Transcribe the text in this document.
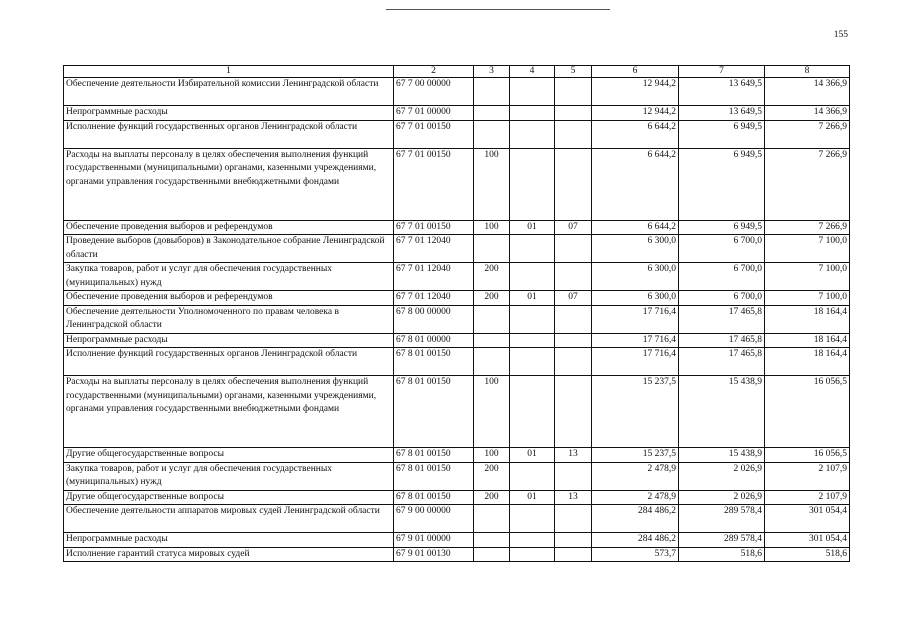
155
1	2	3	4	5	6	7	8
Обеспечение деятельности Избирательной комиссии Ленинградской области	67 7 00 00000				12 944,2	13 649,5	14 366,9
Непрограммные расходы	67 7 01 00000				12 944,2	13 649,5	14 366,9
Исполнение функций государственных органов Ленинградской области	67 7 01 00150				6 644,2	6 949,5	7 266,9
Расходы на выплаты персоналу в целях обеспечения выполнения функций государственными (муниципальными) органами, казенными учреждениями, органами управления государственными внебюджетными фондами	67 7 01 00150	100			6 644,2	6 949,5	7 266,9
Обеспечение проведения выборов и референдумов	67 7 01 00150	100	01	07	6 644,2	6 949,5	7 266,9
Проведение выборов (довыборов) в Законодательное собрание Ленинградской области	67 7 01 12040				6 300,0	6 700,0	7 100,0
Закупка товаров, работ и услуг для обеспечения государственных (муниципальных) нужд	67 7 01 12040	200			6 300,0	6 700,0	7 100,0
Обеспечение проведения выборов и референдумов	67 7 01 12040	200	01	07	6 300,0	6 700,0	7 100,0
Обеспечение деятельности Уполномоченного по правам человека в Ленинградской области	67 8 00 00000				17 716,4	17 465,8	18 164,4
Непрограммные расходы	67 8 01 00000				17 716,4	17 465,8	18 164,4
Исполнение функций государственных органов Ленинградской области	67 8 01 00150				17 716,4	17 465,8	18 164,4
Расходы на выплаты персоналу в целях обеспечения выполнения функций государственными (муниципальными) органами, казенными учреждениями, органами управления государственными внебюджетными фондами	67 8 01 00150	100			15 237,5	15 438,9	16 056,5
Другие общегосударственные вопросы	67 8 01 00150	100	01	13	15 237,5	15 438,9	16 056,5
Закупка товаров, работ и услуг для обеспечения государственных (муниципальных) нужд	67 8 01 00150	200			2 478,9	2 026,9	2 107,9
Другие общегосударственные вопросы	67 8 01 00150	200	01	13	2 478,9	2 026,9	2 107,9
Обеспечение деятельности аппаратов мировых судей Ленинградской области	67 9 00 00000				284 486,2	289 578,4	301 054,4
Непрограммные расходы	67 9 01 00000				284 486,2	289 578,4	301 054,4
Исполнение гарантий статуса мировых судей	67 9 01 00130				573,7	518,6	518,6
